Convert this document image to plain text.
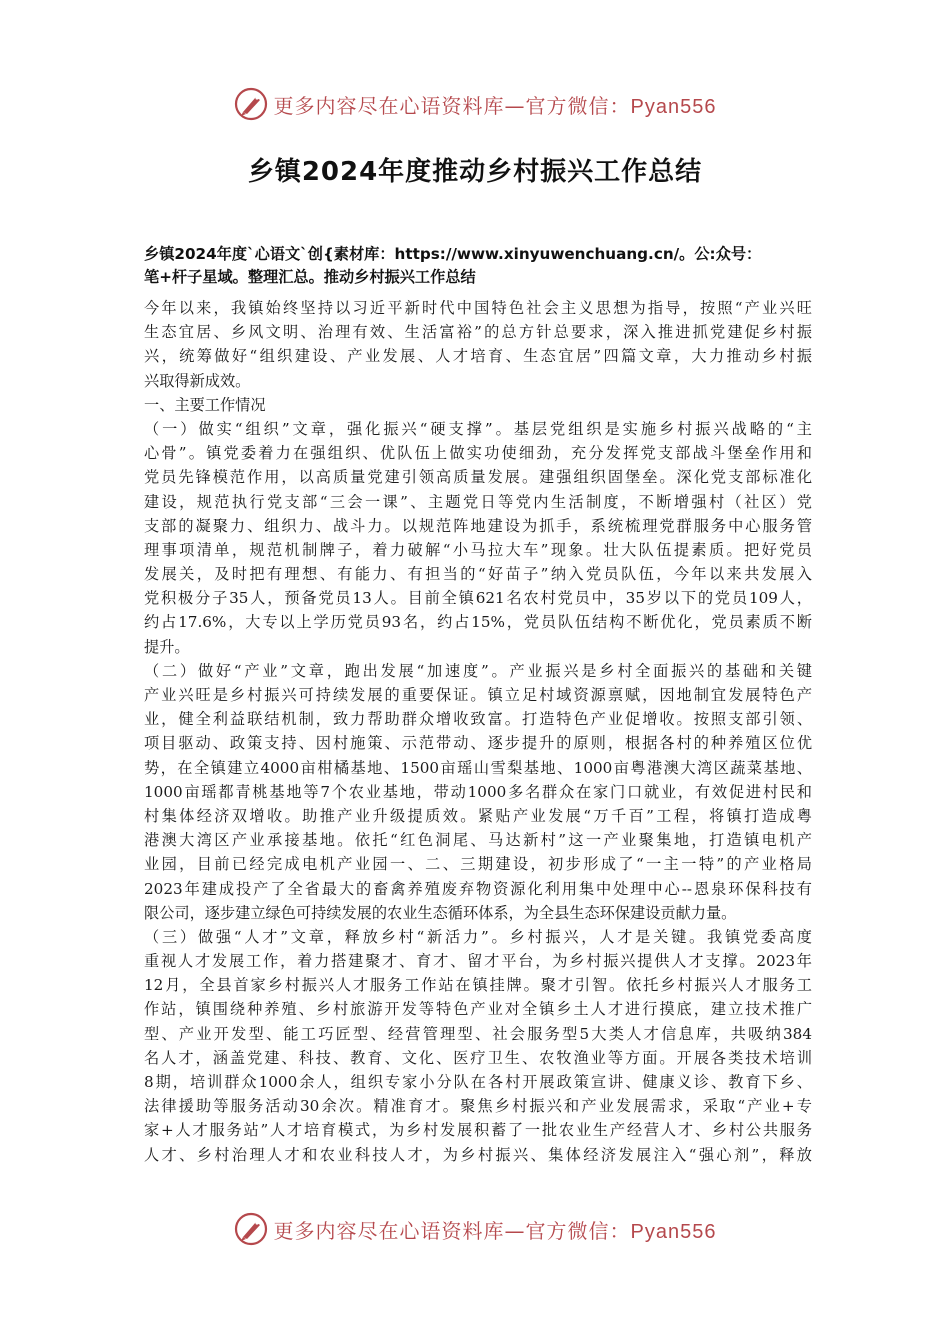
更多内容尽在心语资料库—官方微信：Pyan556
乡镇2024年度推动乡村振兴工作总结
乡镇2024年度`心语文`创{素材库：https://www.xinyuwenchuang.cn/。公:众号：
笔+杆子星域。整理汇总。推动乡村振兴工作总结
今年以来，我镇始终坚持以习近平新时代中国特色社会主义思想为指导，按照“产业兴旺
生态宜居、乡风文明、治理有效、生活富裕”的总方针总要求，深入推进抓党建促乡村振
兴，统筹做好“组织建设、产业发展、人才培育、生态宜居”四篇文章，大力推动乡村振
兴取得新成效。
一、主要工作情况
（一）做实“组织”文章，强化振兴“硬支撑”。基层党组织是实施乡村振兴战略的“主
心骨”。镇党委着力在强组织、优队伍上做实功使细劲，充分发挥党支部战斗堡垒作用和
党员先锋模范作用，以高质量党建引领高质量发展。建强组织固堡垒。深化党支部标准化
建设，规范执行党支部“三会一课”、主题党日等党内生活制度，不断增强村（社区）党
支部的凝聚力、组织力、战斗力。以规范阵地建设为抓手，系统梳理党群服务中心服务管
理事项清单，规范机制牌子，着力破解“小马拉大车”现象。壮大队伍提素质。把好党员
发展关，及时把有理想、有能力、有担当的“好苗子”纳入党员队伍，今年以来共发展入
党积极分子35人，预备党员13人。目前全镇621名农村党员中，35岁以下的党员109人，
约占17.6%，大专以上学历党员93名，约占15%，党员队伍结构不断优化，党员素质不断
提升。
（二）做好“产业”文章，跑出发展“加速度”。产业振兴是乡村全面振兴的基础和关键
产业兴旺是乡村振兴可持续发展的重要保证。镇立足村域资源禀赋，因地制宜发展特色产
业，健全利益联结机制，致力帮助群众增收致富。打造特色产业促增收。按照支部引领、
项目驱动、政策支持、因村施策、示范带动、逐步提升的原则，根据各村的种养殖区位优
势，在全镇建立4000亩柑橘基地、1500亩瑶山雪梨基地、1000亩粤港澳大湾区蔬菜基地、
1000亩瑶都青桃基地等7个农业基地，带动1000多名群众在家门口就业，有效促进村民和
村集体经济双增收。助推产业升级提质效。紧贴产业发展“万千百”工程，将镇打造成粤
港澳大湾区产业承接基地。依托“红色洞尾、马达新村”这一产业聚集地，打造镇电机产
业园，目前已经完成电机产业园一、二、三期建设，初步形成了“一主一特”的产业格局
2023年建成投产了全省最大的畜禽养殖废弃物资源化利用集中处理中心--恩泉环保科技有
限公司，逐步建立绿色可持续发展的农业生态循环体系，为全县生态环保建设贡献力量。
（三）做强“人才”文章，释放乡村“新活力”。乡村振兴，人才是关键。我镇党委高度
重视人才发展工作，着力搭建聚才、育才、留才平台，为乡村振兴提供人才支撑。2023年
12月，全县首家乡村振兴人才服务工作站在镇挂牌。聚才引智。依托乡村振兴人才服务工
作站，镇围绕种养殖、乡村旅游开发等特色产业对全镇乡土人才进行摸底，建立技术推广
型、产业开发型、能工巧匠型、经营管理型、社会服务型5大类人才信息库，共吸纳384
名人才，涵盖党建、科技、教育、文化、医疗卫生、农牧渔业等方面。开展各类技术培训
8期，培训群众1000余人，组织专家小分队在各村开展政策宣讲、健康义诊、教育下乡、
法律援助等服务活动30余次。精准育才。聚焦乡村振兴和产业发展需求，采取“产业+专
家+人才服务站”人才培育模式，为乡村发展积蓄了一批农业生产经营人才、乡村公共服务
人才、乡村治理人才和农业科技人才，为乡村振兴、集体经济发展注入“强心剂”，释放
更多内容尽在心语资料库—官方微信：Pyan556
